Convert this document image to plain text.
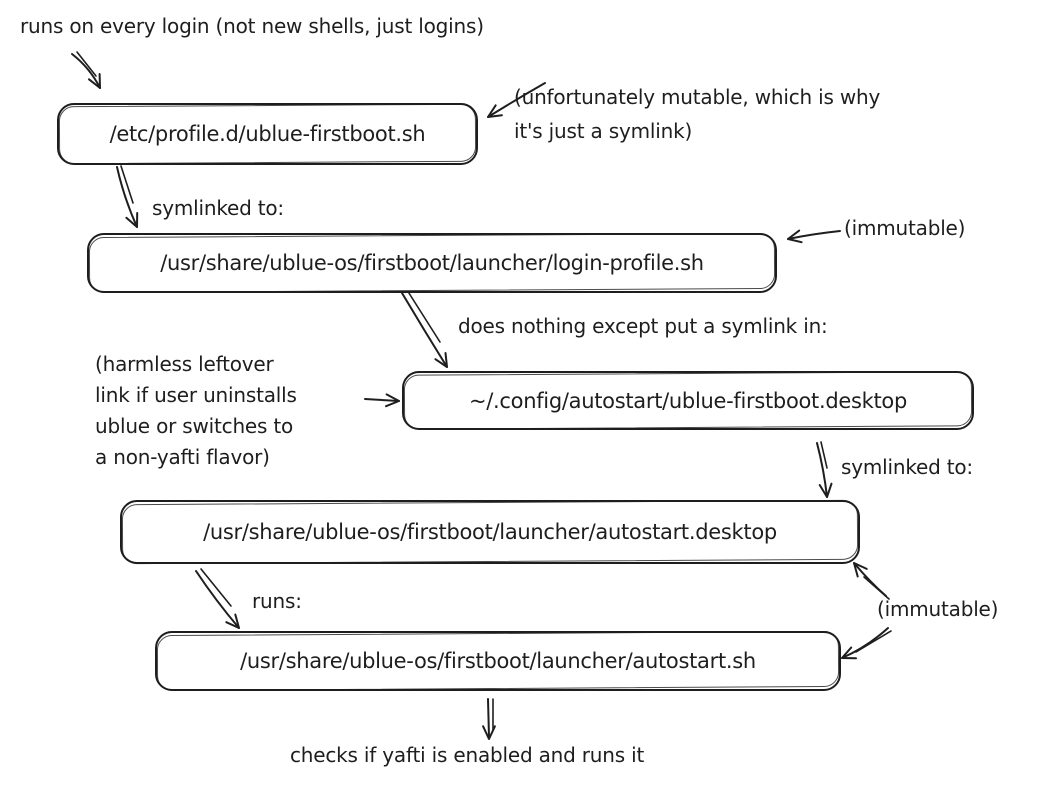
runs on every login (not new shells, just logins)
(unfortunately mutable, which is why
it's just a symlink)
symlinked to:
(immutable)
does nothing except put a symlink in:
(harmless leftover
link if user uninstalls
ublue or switches to
a non-yafti flavor)	symlinked to:
runs:	(immutable)
checks if yafti is enabled and runs it
/etc/profile.d/ublue-firstboot.sh
/usr/share/ublue-os/firstboot/launcher/login-profile.sh
~/.config/autostart/ublue-firstboot.desktop
/usr/share/ublue-os/firstboot/launcher/autostart.desktop
/usr/share/ublue-os/firstboot/launcher/autostart.sh
